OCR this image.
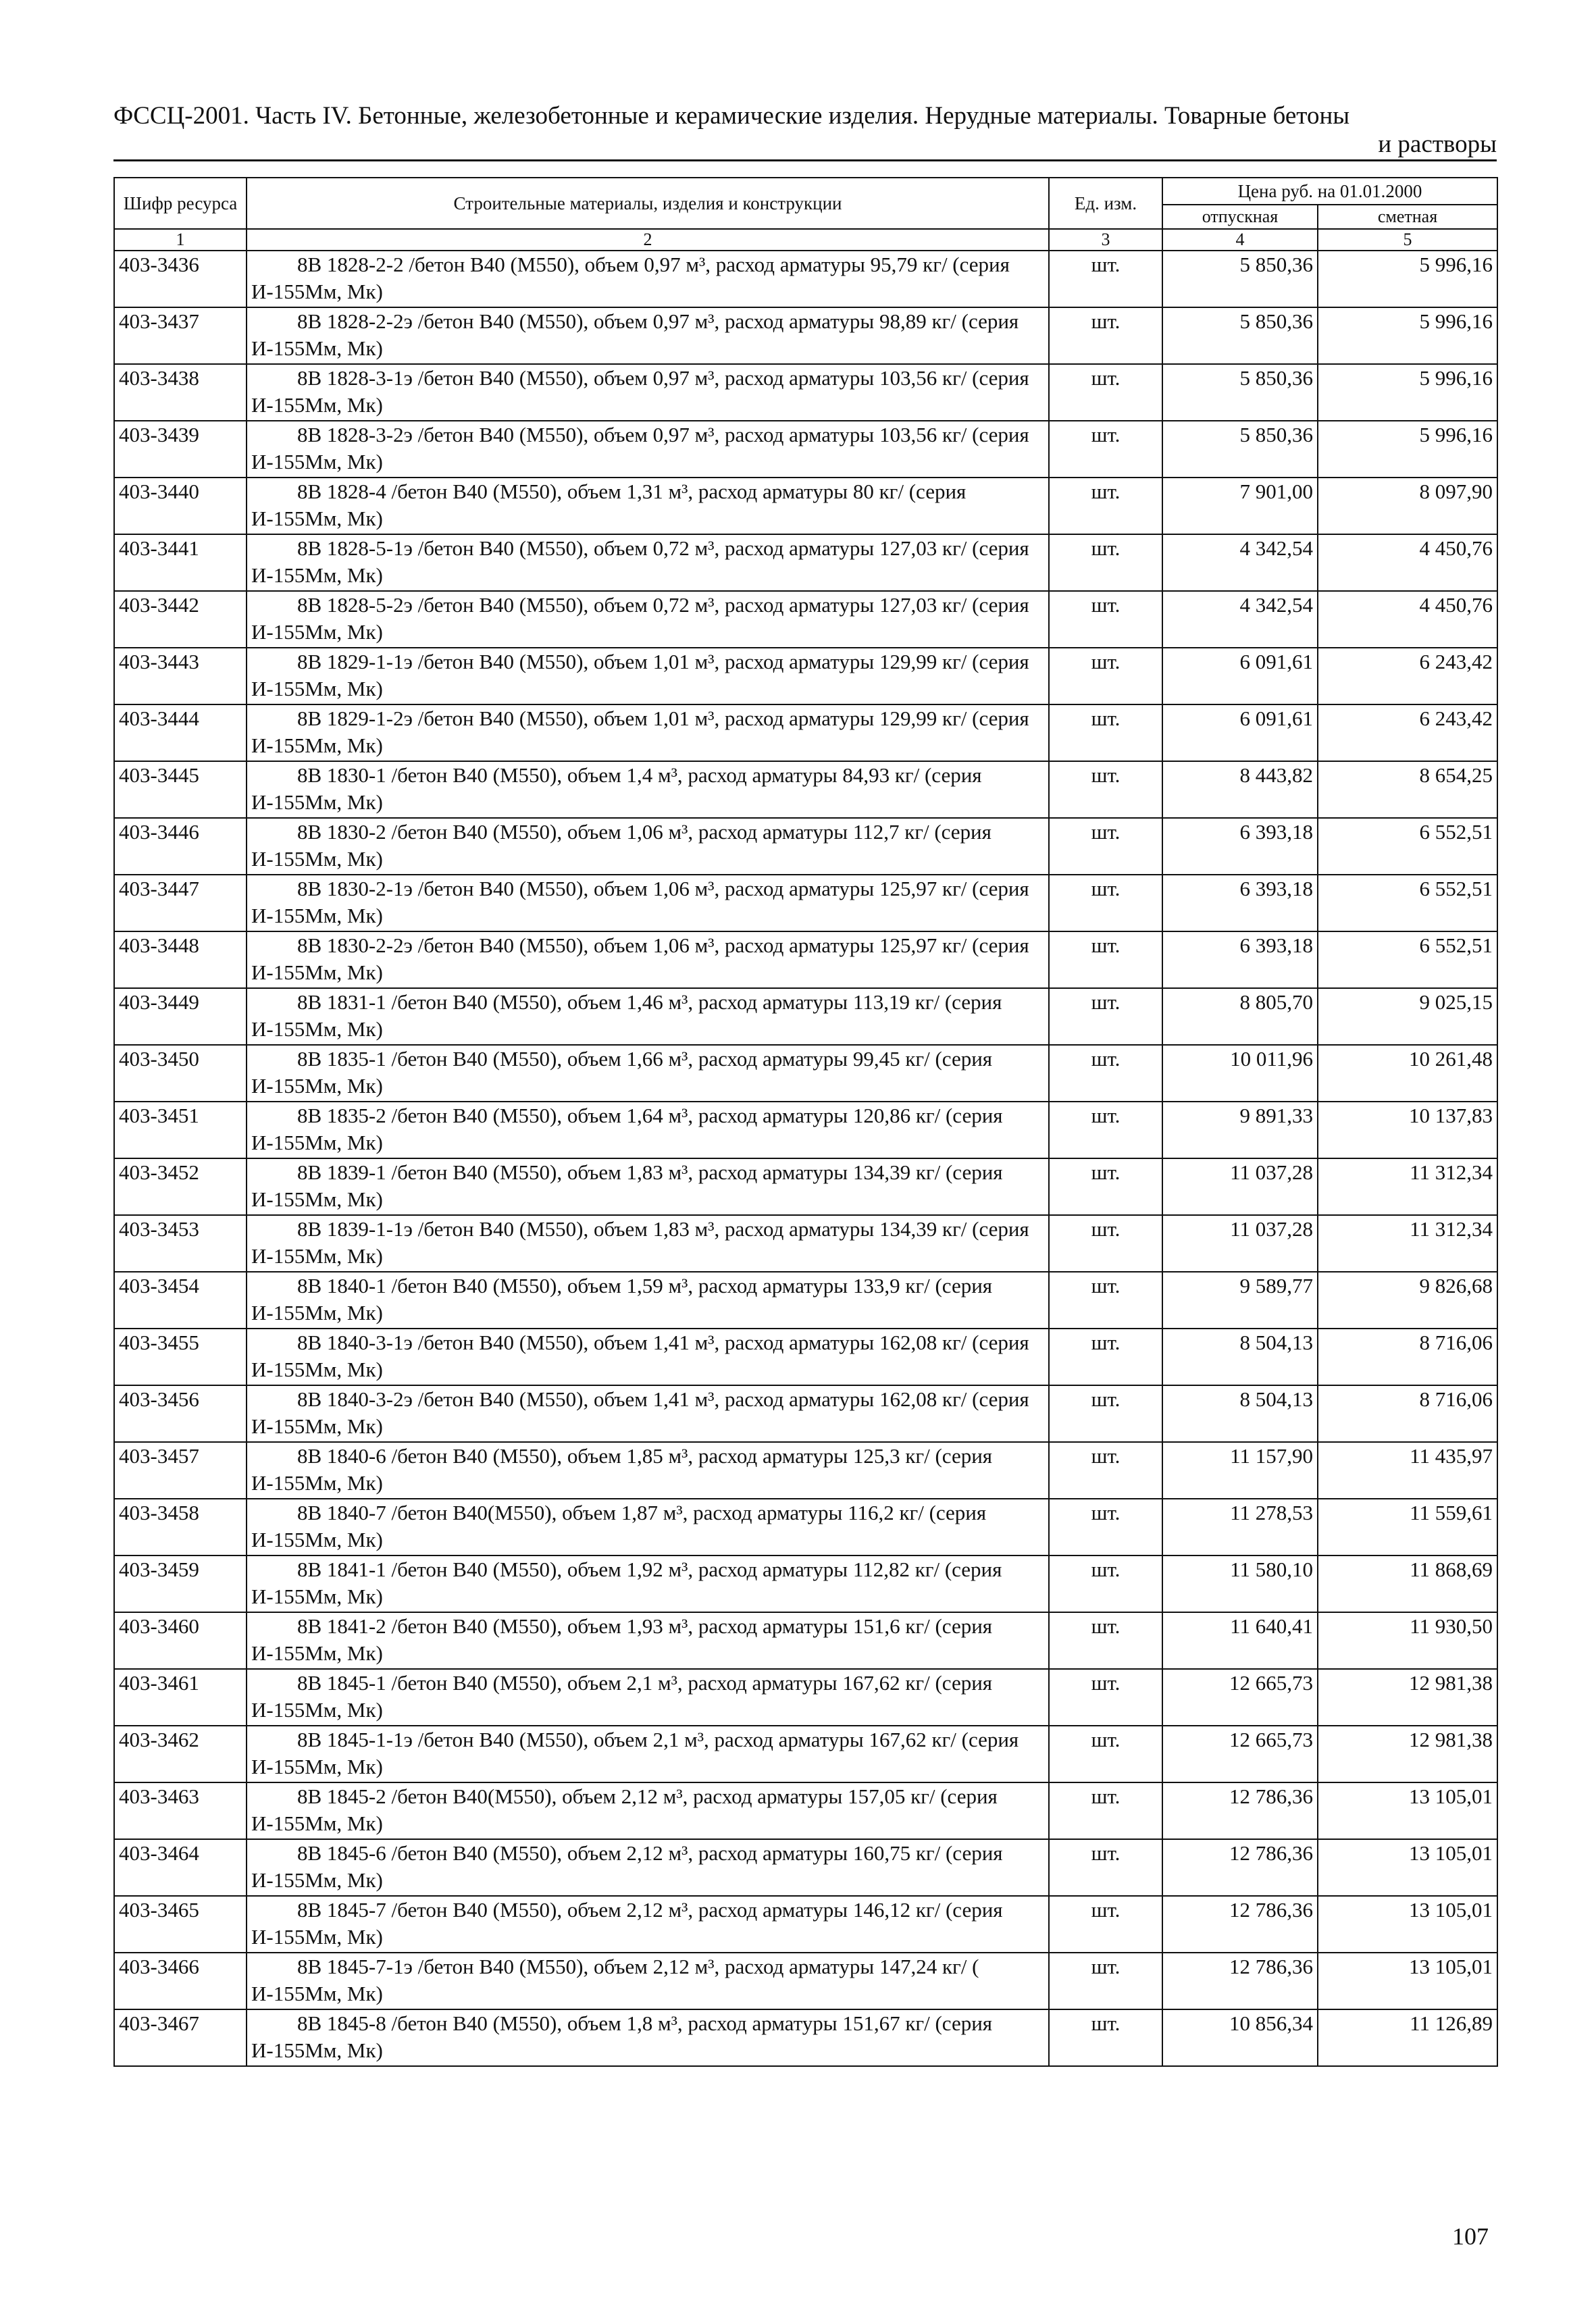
ФССЦ-2001. Часть IV. Бетонные, железобетонные и керамические изделия. Нерудные материалы. Товарные бетоны
и растворы
Шифр ресурса	Строительные материалы, изделия и конструкции	Ед. изм.	Цена руб. на 01.01.2000	
			отпускная	сметная
1	2	3	4	5
403-3436	8В 1828-2-2 /бетон В40 (М550), объем 0,97 м³, расход арматуры 95,79 кг/ (серия И-155Мм, Мк)	шт.	5 850,36	5 996,16
403-3437	8В 1828-2-2э /бетон В40 (М550), объем 0,97 м³, расход арматуры 98,89 кг/ (серия И-155Мм, Мк)	шт.	5 850,36	5 996,16
403-3438	8В 1828-3-1э /бетон В40 (М550), объем 0,97 м³, расход арматуры 103,56 кг/ (серия И-155Мм, Мк)	шт.	5 850,36	5 996,16
403-3439	8В 1828-3-2э /бетон В40 (М550), объем 0,97 м³, расход арматуры 103,56 кг/ (серия И-155Мм, Мк)	шт.	5 850,36	5 996,16
403-3440	8В 1828-4 /бетон В40 (М550), объем 1,31 м³, расход арматуры 80 кг/ (серия И-155Мм, Мк)	шт.	7 901,00	8 097,90
403-3441	8В 1828-5-1э /бетон В40 (М550), объем 0,72 м³, расход арматуры 127,03 кг/ (серия И-155Мм, Мк)	шт.	4 342,54	4 450,76
403-3442	8В 1828-5-2э /бетон В40 (М550), объем 0,72 м³, расход арматуры 127,03 кг/ (серия И-155Мм, Мк)	шт.	4 342,54	4 450,76
403-3443	8В 1829-1-1э /бетон В40 (М550), объем 1,01 м³, расход арматуры 129,99 кг/ (серия И-155Мм, Мк)	шт.	6 091,61	6 243,42
403-3444	8В 1829-1-2э /бетон В40 (М550), объем 1,01 м³, расход арматуры 129,99 кг/ (серия И-155Мм, Мк)	шт.	6 091,61	6 243,42
403-3445	8В 1830-1 /бетон В40 (М550), объем 1,4 м³, расход арматуры 84,93 кг/ (серия И-155Мм, Мк)	шт.	8 443,82	8 654,25
403-3446	8В 1830-2 /бетон В40 (М550), объем 1,06 м³, расход арматуры 112,7 кг/ (серия И-155Мм, Мк)	шт.	6 393,18	6 552,51
403-3447	8В 1830-2-1э /бетон В40 (М550), объем 1,06 м³, расход арматуры 125,97 кг/ (серия И-155Мм, Мк)	шт.	6 393,18	6 552,51
403-3448	8В 1830-2-2э /бетон В40 (М550), объем 1,06 м³, расход арматуры 125,97 кг/ (серия И-155Мм, Мк)	шт.	6 393,18	6 552,51
403-3449	8В 1831-1 /бетон В40 (М550), объем 1,46 м³, расход арматуры 113,19 кг/ (серия И-155Мм, Мк)	шт.	8 805,70	9 025,15
403-3450	8В 1835-1 /бетон В40 (М550), объем 1,66 м³, расход арматуры 99,45 кг/ (серия И-155Мм, Мк)	шт.	10 011,96	10 261,48
403-3451	8В 1835-2 /бетон В40 (М550), объем 1,64 м³, расход арматуры 120,86 кг/ (серия И-155Мм, Мк)	шт.	9 891,33	10 137,83
403-3452	8В 1839-1 /бетон В40 (М550), объем 1,83 м³, расход арматуры 134,39 кг/ (серия И-155Мм, Мк)	шт.	11 037,28	11 312,34
403-3453	8В 1839-1-1э /бетон В40 (М550), объем 1,83 м³, расход арматуры 134,39 кг/ (серия И-155Мм, Мк)	шт.	11 037,28	11 312,34
403-3454	8В 1840-1 /бетон В40 (М550), объем 1,59 м³, расход арматуры 133,9 кг/ (серия И-155Мм, Мк)	шт.	9 589,77	9 826,68
403-3455	8В 1840-3-1э /бетон В40 (М550), объем 1,41 м³, расход арматуры 162,08 кг/ (серия И-155Мм, Мк)	шт.	8 504,13	8 716,06
403-3456	8В 1840-3-2э /бетон В40 (М550), объем 1,41 м³, расход арматуры 162,08 кг/ (серия И-155Мм, Мк)	шт.	8 504,13	8 716,06
403-3457	8В 1840-6 /бетон В40 (М550), объем 1,85 м³, расход арматуры 125,3 кг/ (серия И-155Мм, Мк)	шт.	11 157,90	11 435,97
403-3458	8В 1840-7 /бетон В40(М550), объем 1,87 м³, расход арматуры 116,2 кг/ (серия И-155Мм, Мк)	шт.	11 278,53	11 559,61
403-3459	8В 1841-1 /бетон В40 (М550), объем 1,92 м³, расход арматуры 112,82 кг/ (серия И-155Мм, Мк)	шт.	11 580,10	11 868,69
403-3460	8В 1841-2 /бетон В40 (М550), объем 1,93 м³, расход арматуры 151,6 кг/ (серия И-155Мм, Мк)	шт.	11 640,41	11 930,50
403-3461	8В 1845-1 /бетон В40 (М550), объем 2,1 м³, расход арматуры 167,62 кг/ (серия И-155Мм, Мк)	шт.	12 665,73	12 981,38
403-3462	8В 1845-1-1э /бетон В40 (М550), объем 2,1 м³, расход арматуры 167,62 кг/ (серия И-155Мм, Мк)	шт.	12 665,73	12 981,38
403-3463	8В 1845-2 /бетон В40(М550), объем 2,12 м³, расход арматуры 157,05 кг/ (серия И-155Мм, Мк)	шт.	12 786,36	13 105,01
403-3464	8В 1845-6 /бетон В40 (М550), объем 2,12 м³, расход арматуры 160,75 кг/ (серия И-155Мм, Мк)	шт.	12 786,36	13 105,01
403-3465	8В 1845-7 /бетон В40 (М550), объем 2,12 м³, расход арматуры 146,12 кг/ (серия И-155Мм, Мк)	шт.	12 786,36	13 105,01
403-3466	8В 1845-7-1э /бетон В40 (М550), объем 2,12 м³, расход арматуры 147,24 кг/ ( И-155Мм, Мк)	шт.	12 786,36	13 105,01
403-3467	8В 1845-8 /бетон В40 (М550), объем 1,8 м³, расход арматуры 151,67 кг/ (серия И-155Мм, Мк)	шт.	10 856,34	11 126,89
107
